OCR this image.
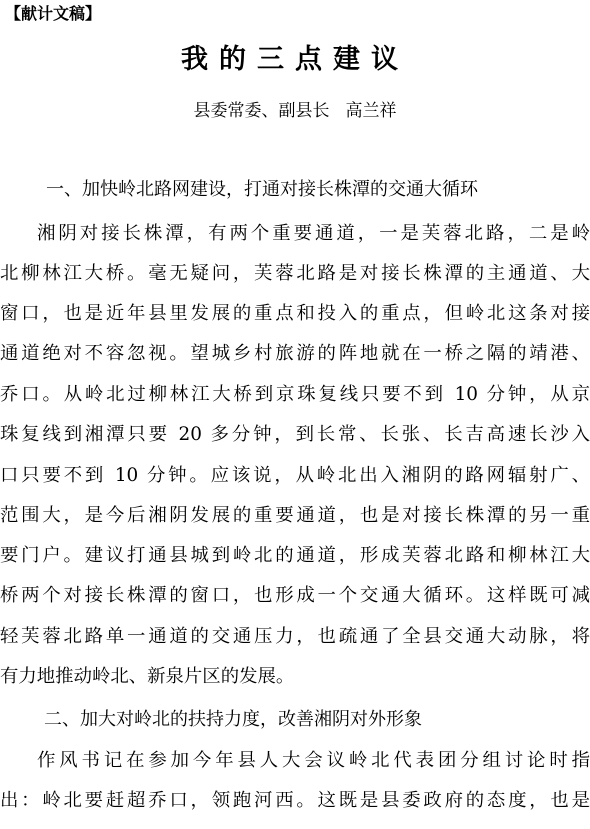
【献计文稿】
我的三点建议
县委常委、副县长 高兰祥
一、加快岭北路网建设，打通对接长株潭的交通大循环
湘阴对接长株潭，有两个重要通道，一是芙蓉北路，二是岭
北柳林江大桥。毫无疑问，芙蓉北路是对接长株潭的主通道、大
窗口，也是近年县里发展的重点和投入的重点，但岭北这条对接
通道绝对不容忽视。望城乡村旅游的阵地就在一桥之隔的靖港、
乔口。从岭北过柳林江大桥到京珠复线只要不到 10 分钟，从京
珠复线到湘潭只要 20 多分钟，到长常、长张、长吉高速长沙入
口只要不到 10 分钟。应该说，从岭北出入湘阴的路网辐射广、
范围大，是今后湘阴发展的重要通道，也是对接长株潭的另一重
要门户。建议打通县城到岭北的通道，形成芙蓉北路和柳林江大
桥两个对接长株潭的窗口，也形成一个交通大循环。这样既可减
轻芙蓉北路单一通道的交通压力，也疏通了全县交通大动脉，将
有力地推动岭北、新泉片区的发展。
二、加大对岭北的扶持力度，改善湘阴对外形象
作风书记在参加今年县人大会议岭北代表团分组讨论时指
出：岭北要赶超乔口，领跑河西。这既是县委政府的态度，也是
